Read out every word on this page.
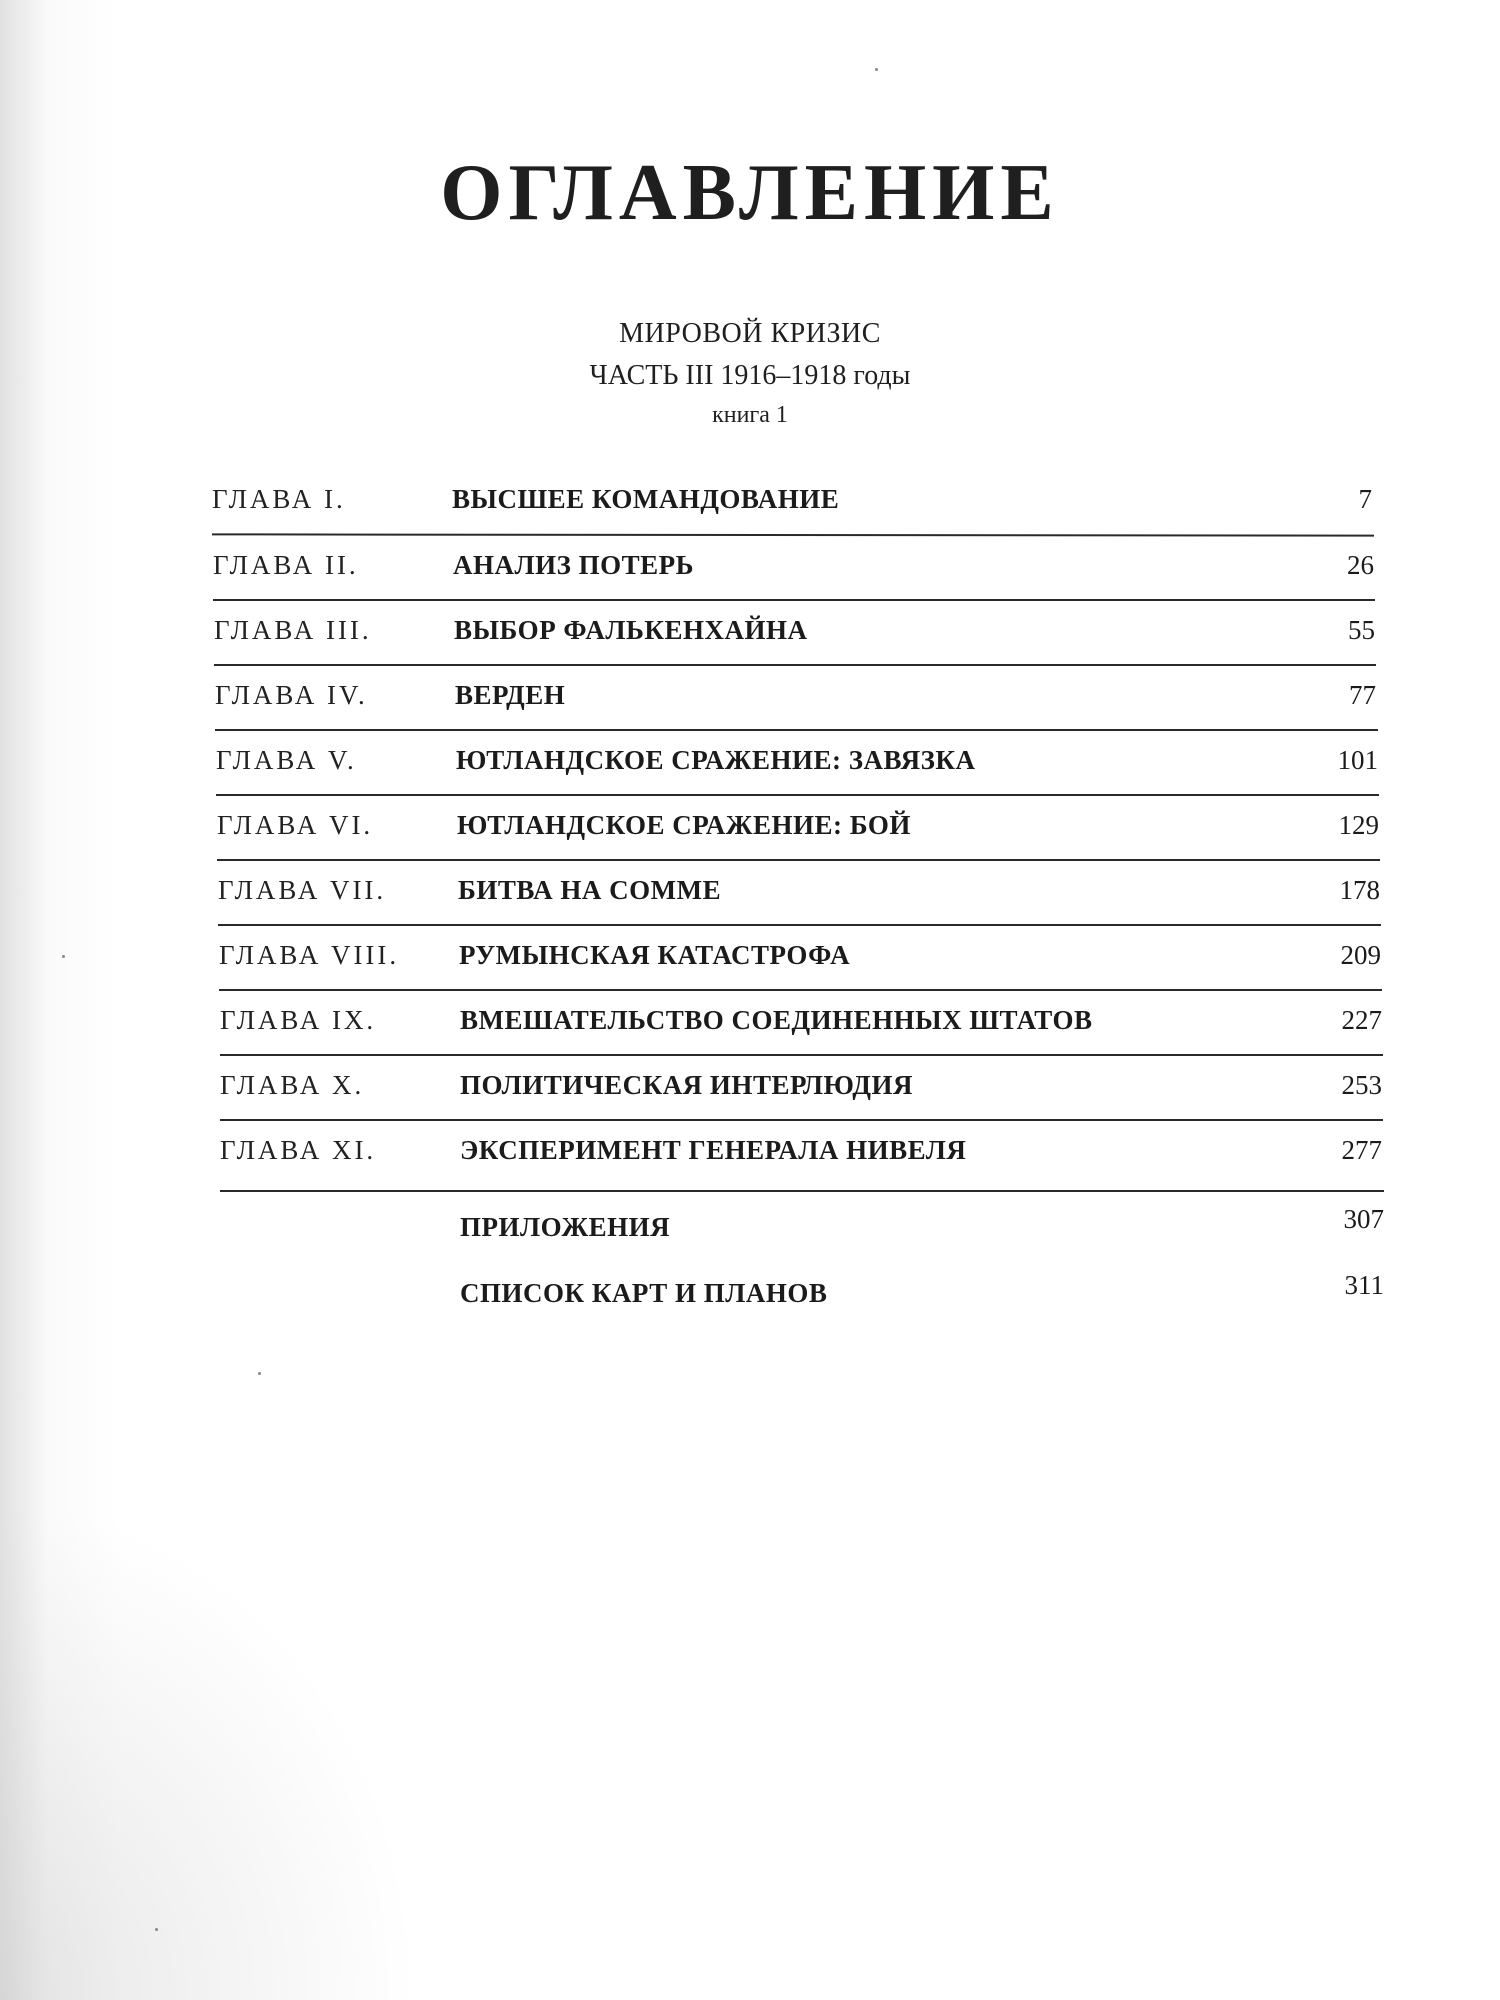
ОГЛАВЛЕНИЕ
МИРОВОЙ КРИЗИС
ЧАСТЬ III 1916–1918 годы
книга 1
ГЛАВА I.	ВЫСШЕЕ КОМАНДОВАНИЕ	7
ГЛАВА II.	АНАЛИЗ ПОТЕРЬ	26
ГЛАВА III.	ВЫБОР ФАЛЬКЕНХАЙНА	55
ГЛАВА IV.	ВЕРДЕН	77
ГЛАВА V.	ЮТЛАНДСКОЕ СРАЖЕНИЕ: ЗАВЯЗКА	101
ГЛАВА VI.	ЮТЛАНДСКОЕ СРАЖЕНИЕ: БОЙ	129
ГЛАВА VII.	БИТВА НА СОММЕ	178
ГЛАВА VIII. РУМЫНСКАЯ КАТАСТРОФА	209
ГЛАВА IX.	ВМЕШАТЕЛЬСТВО СОЕДИНЕННЫХ ШТАТОВ	227
ГЛАВА X.	ПОЛИТИЧЕСКАЯ ИНТЕРЛЮДИЯ	253
ГЛАВА XI.	ЭКСПЕРИМЕНТ ГЕНЕРАЛА НИВЕЛЯ	277
ПРИЛОЖЕНИЯ	307
СПИСОК КАРТ И ПЛАНОВ	311
